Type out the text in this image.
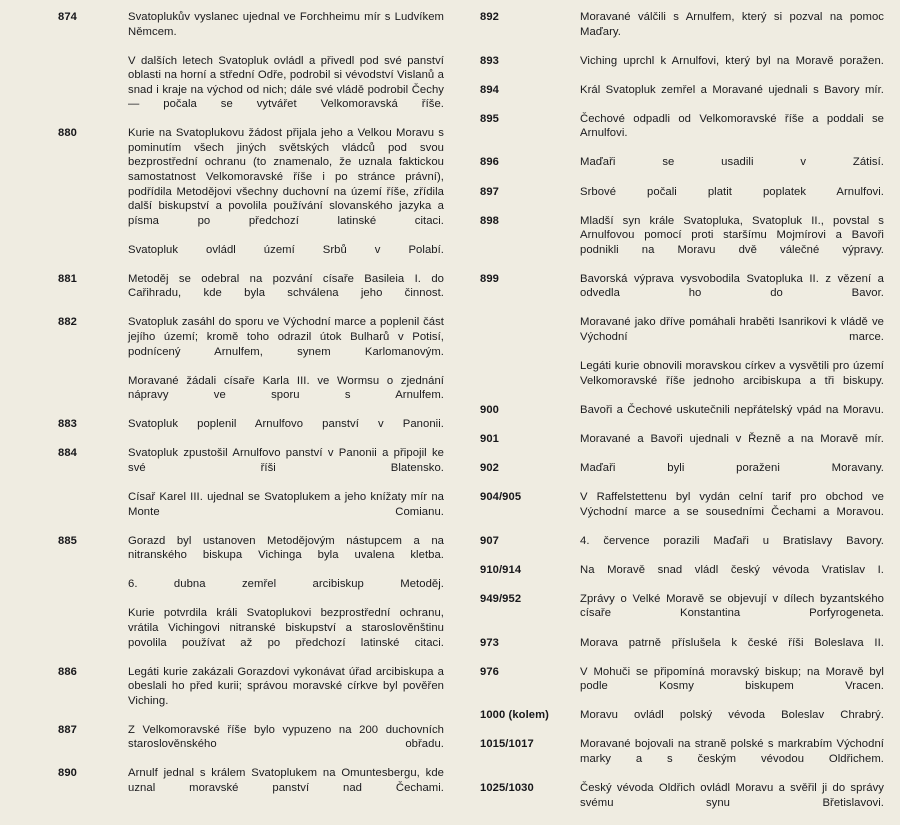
874	Svatoplukův vyslanec ujednal ve Forchheimu mír s Ludvíkem Němcem.

V dalších letech Svatopluk ovládl a přivedl pod své panství oblasti na horní a střední Odře, podrobil si vévodství Vislanů a snad i kraje na východ od nich; dále své vládě podrobil Čechy — počala se vytvářet Velkomoravská říše.

880	Kurie na Svatoplukovu žádost přijala jeho a Velkou Moravu s pominutím všech jiných světských vládců pod svou bezprostřední ochranu (to znamenalo, že uznala faktickou samostatnost Velkomoravské říše i po stránce právní), podřídila Metodějovi všechny duchovní na území říše, zřídila další biskupství a povolila používání slovanského jazyka a písma po předchozí latinské citaci.

Svatopluk ovládl území Srbů v Polabí.

881	Metoděj se odebral na pozvání císaře Basileia I. do Cařihradu, kde byla schválena jeho činnost.

882	Svatopluk zasáhl do sporu ve Východní marce a poplenil část jejího území; kromě toho odrazil útok Bulharů v Potisí, podnícený Arnulfem, synem Karlomanovým.

Moravané žádali císaře Karla III. ve Wormsu o zjednání nápravy ve sporu s Arnulfem.

883	Svatopluk poplenil Arnulfovo panství v Panonii.

884	Svatopluk zpustošil Arnulfovo panství v Panonii a připojil ke své říši Blatensko.

Císař Karel III. ujednal se Svatoplukem a jeho knížaty mír na Monte Comianu.

885	Gorazd byl ustanoven Metodějovým nástupcem a na nitranského biskupa Vichinga byla uvalena kletba.

6. dubna zemřel arcibiskup Metoděj.

Kurie potvrdila králi Svatoplukovi bezprostřední ochranu, vrátila Vichingovi nitranské biskupství a staroslověnštinu povolila používat až po předchozí latinské citaci.

886	Legáti kurie zakázali Gorazdovi vykonávat úřad arcibiskupa a obeslali ho před kurii; správou moravské církve byl pověřen Viching.

887	Z Velkomoravské říše bylo vypuzeno na 200 duchovních staroslověnského obřadu.

890	Arnulf jednal s králem Svatoplukem na Omuntesbergu, kde uznal moravské panství nad Čechami.

892	Moravané válčili s Arnulfem, který si pozval na pomoc Maďary.

893	Viching uprchl k Arnulfovi, který byl na Moravě poražen.

894	Král Svatopluk zemřel a Moravané ujednali s Bavory mír.

895	Čechové odpadli od Velkomoravské říše a poddali se Arnulfovi.

896	Maďaři se usadili v Zátisí.

897	Srbové počali platit poplatek Arnulfovi.

898	Mladší syn krále Svatopluka, Svatopluk II., povstal s Arnulfovou pomocí proti staršímu Mojmírovi a Bavoři podnikli na Moravu dvě válečné výpravy.

899	Bavorská výprava vysvobodila Svatopluka II. z vězení a odvedla ho do Bavor.

Moravané jako dříve pomáhali hraběti Isanrikovi k vládě ve Východní marce.

Legáti kurie obnovili moravskou církev a vysvětili pro území Velkomoravské říše jednoho arcibiskupa a tři biskupy.

900	Bavoři a Čechové uskutečnili nepřátelský vpád na Moravu.

901	Moravané a Bavoři ujednali v Řezně a na Moravě mír.

902	Maďaři byli poraženi Moravany.

904/905	V Raffelstettenu byl vydán celní tarif pro obchod ve Východní marce a se sousedními Čechami a Moravou.

907	4. července porazili Maďaři u Bratislavy Bavory.

910/914	Na Moravě snad vládl český vévoda Vratislav I.

949/952	Zprávy o Velké Moravě se objevují v dílech byzantského císaře Konstantina Porfyrogeneta.

973	Morava patrně příslušela k české říši Boleslava II.

976	V Mohuči se připomíná moravský biskup; na Moravě byl podle Kosmy biskupem Vracen.

1000 (kolem)	Moravu ovládl polský vévoda Boleslav Chrabrý.

1015/1017	Moravané bojovali na straně polské s markrabím Východní marky a s českým vévodou Oldřichem.

1025/1030	Český vévoda Oldřich ovládl Moravu a svěřil ji do správy svému synu Břetislavovi.
